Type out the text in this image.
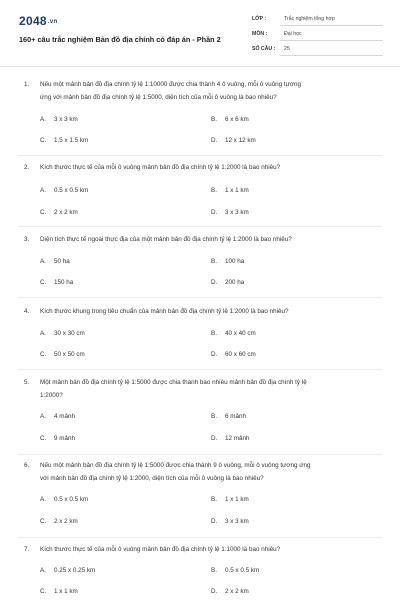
2048.vn
160+ câu trắc nghiệm Bản đồ địa chính có đáp án - Phần 2
LỚP :	Trắc nghiệm tổng hợp
MÔN :	Đại học
SỐ CÂU :	25
1. Nếu một mảnh bản đồ địa chính tỷ lệ 1:10000 được chia thành 4 ô vuông, mỗi ô vuông tương
ứng với mảnh bản đồ địa chính tỷ lệ 1:5000, diện tích của mỗi ô vuông là bao nhiêu?
A. 3 x 3 km	B. 6 x 6 km
C. 1.5 x 1.5 km	D. 12 x 12 km
2. Kích thước thực tế của mỗi ô vuông mảnh bản đồ địa chính tỷ lệ 1:2000 là bao nhiêu?
A. 0.5 x 0.5 km	B. 1 x 1 km
C. 2 x 2 km	D. 3 x 3 km
3. Diện tích thực tế ngoài thực địa của một mảnh bản đồ địa chính tỷ lệ 1:2000 là bao nhiêu?
A. 50 ha	B. 100 ha
C. 150 ha	D. 200 ha
4. Kích thước khung trong tiêu chuẩn của mảnh bản đồ địa chính tỷ lệ 1:2000 là bao nhiêu?
A. 30 x 30 cm	B. 40 x 40 cm
C. 50 x 50 cm	D. 60 x 60 cm
5. Một mảnh bản đồ địa chính tỷ lệ 1:5000 được chia thành bao nhiêu mảnh bản đồ địa chính tỷ lệ
1:2000?
A. 4 mảnh	B. 6 mảnh
C. 9 mảnh	D. 12 mảnh
6. Nếu một mảnh bản đồ địa chính tỷ lệ 1:5000 được chia thành 9 ô vuông, mỗi ô vuông tương ứng
với mảnh bản đồ địa chính tỷ lệ 1:2000, diện tích của mỗi ô vuông là bao nhiêu?
A. 0.5 x 0.5 km	B. 1 x 1 km
C. 2 x 2 km	D. 3 x 3 km
7. Kích thước thực tế của mỗi ô vuông mảnh bản đồ địa chính tỷ lệ 1:1000 là bao nhiêu?
A. 0.25 x 0.25 km	B. 0.5 x 0.5 km
C. 1 x 1 km	D. 2 x 2 km
